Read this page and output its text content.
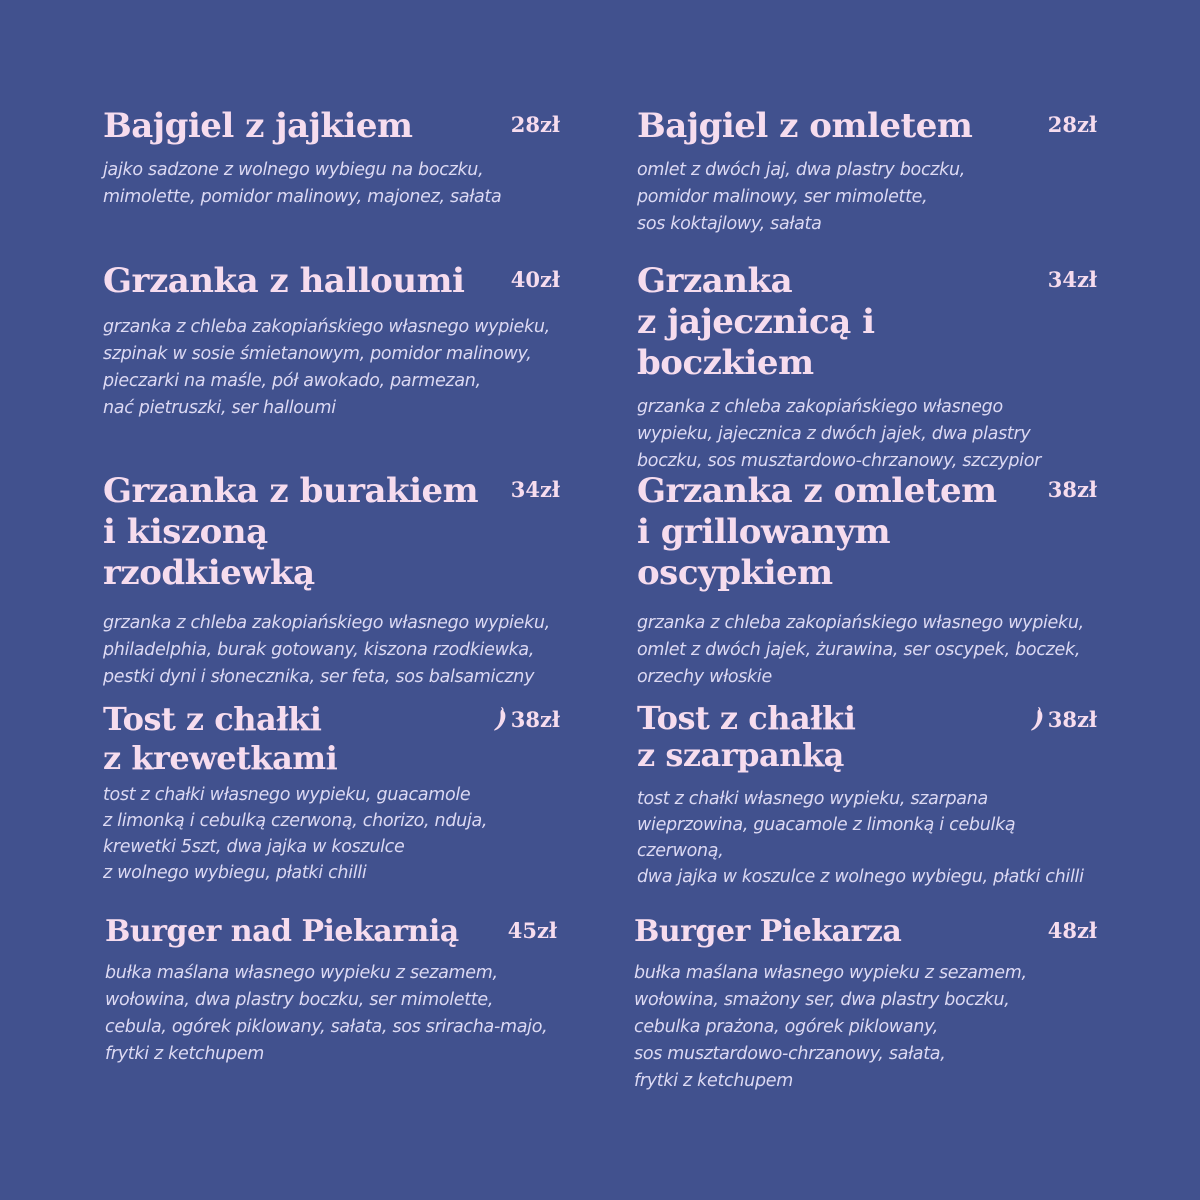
Bajgiel z jajkiem	28zł
jajko sadzone z wolnego wybiegu na boczku,
mimolette, pomidor malinowy, majonez, sałata
Bajgiel z omletem	28zł
omlet z dwóch jaj, dwa plastry boczku,
pomidor malinowy, ser mimolette,
sos koktajlowy, sałata
Grzanka z halloumi	40zł
grzanka z chleba zakopiańskiego własnego wypieku,
szpinak w sosie śmietanowym, pomidor malinowy,
pieczarki na maśle, pół awokado, parmezan,
nać pietruszki, ser halloumi
Grzanka
z jajecznicą i boczkiem
34zł
grzanka z chleba zakopiańskiego własnego
wypieku, jajecznica z dwóch jajek, dwa plastry
boczku, sos musztardowo-chrzanowy, szczypior
Grzanka z burakiem
i kiszoną rzodkiewką
34zł
grzanka z chleba zakopiańskiego własnego wypieku,
philadelphia, burak gotowany, kiszona rzodkiewka,
pestki dyni i słonecznika, ser feta, sos balsamiczny
Grzanka z omletem
i grillowanym oscypkiem
38zł
grzanka z chleba zakopiańskiego własnego wypieku,
omlet z dwóch jajek, żurawina, ser oscypek, boczek,
orzechy włoskie
Tost z chałki
z krewetkami
38zł
tost z chałki własnego wypieku, guacamole
z limonką i cebulką czerwoną, chorizo, nduja,
krewetki 5szt, dwa jajka w koszulce
z wolnego wybiegu, płatki chilli
Tost z chałki
z szarpanką
38zł
tost z chałki własnego wypieku, szarpana
wieprzowina, guacamole z limonką i cebulką czerwoną,
dwa jajka w koszulce z wolnego wybiegu, płatki chilli
Burger nad Piekarnią	45zł
bułka maślana własnego wypieku z sezamem,
wołowina, dwa plastry boczku, ser mimolette,
cebula, ogórek piklowany, sałata, sos sriracha-majo,
frytki z ketchupem
Burger Piekarza	48zł
bułka maślana własnego wypieku z sezamem,
wołowina, smażony ser, dwa plastry boczku,
cebulka prażona, ogórek piklowany,
sos musztardowo-chrzanowy, sałata,
frytki z ketchupem
